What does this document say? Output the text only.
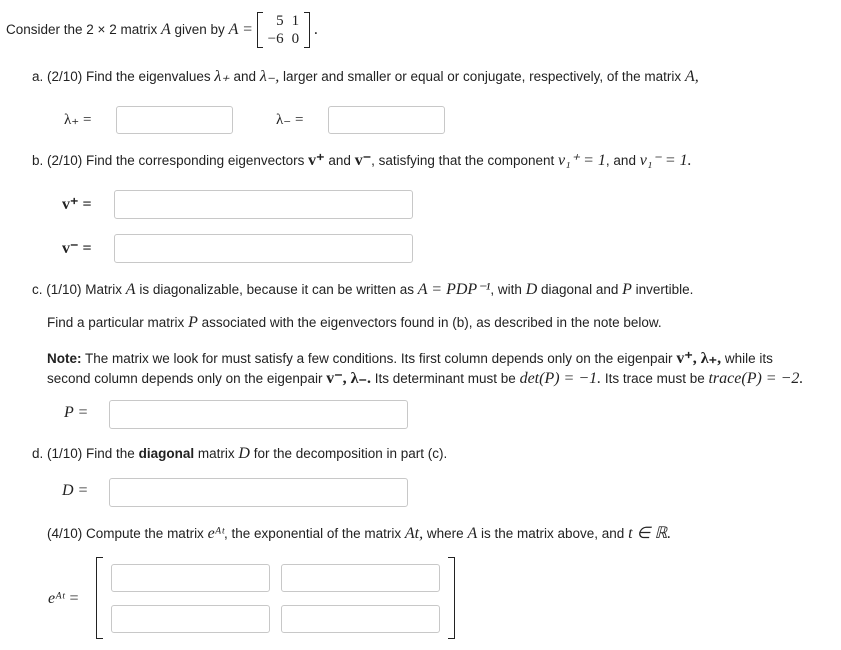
Consider the 2 × 2 matrix A given by A = 5	1
−6	0
.
a. (2/10) Find the eigenvalues λ₊ and λ₋, larger and smaller or equal or conjugate, respectively, of the matrix A,
λ₊ =	λ₋ =
b. (2/10) Find the corresponding eigenvectors v⁺ and v⁻, satisfying that the component v₁⁺ = 1, and v₁⁻ = 1.
v⁺ =
v⁻ =
c. (1/10) Matrix A is diagonalizable, because it can be written as A = PDP⁻¹, with D diagonal and P invertible.
Find a particular matrix P associated with the eigenvectors found in (b), as described in the note below.
Note: The matrix we look for must satisfy a few conditions. Its first column depends only on the eigenpair v⁺, λ₊, while its
second column depends only on the eigenpair v⁻, λ₋. Its determinant must be det(P) = −1. Its trace must be trace(P) = −2.
P =
d. (1/10) Find the diagonal matrix D for the decomposition in part (c).
D =
(4/10) Compute the matrix eᴬᵗ, the exponential of the matrix At, where A is the matrix above, and t ∈ ℝ.
eᴬᵗ =
